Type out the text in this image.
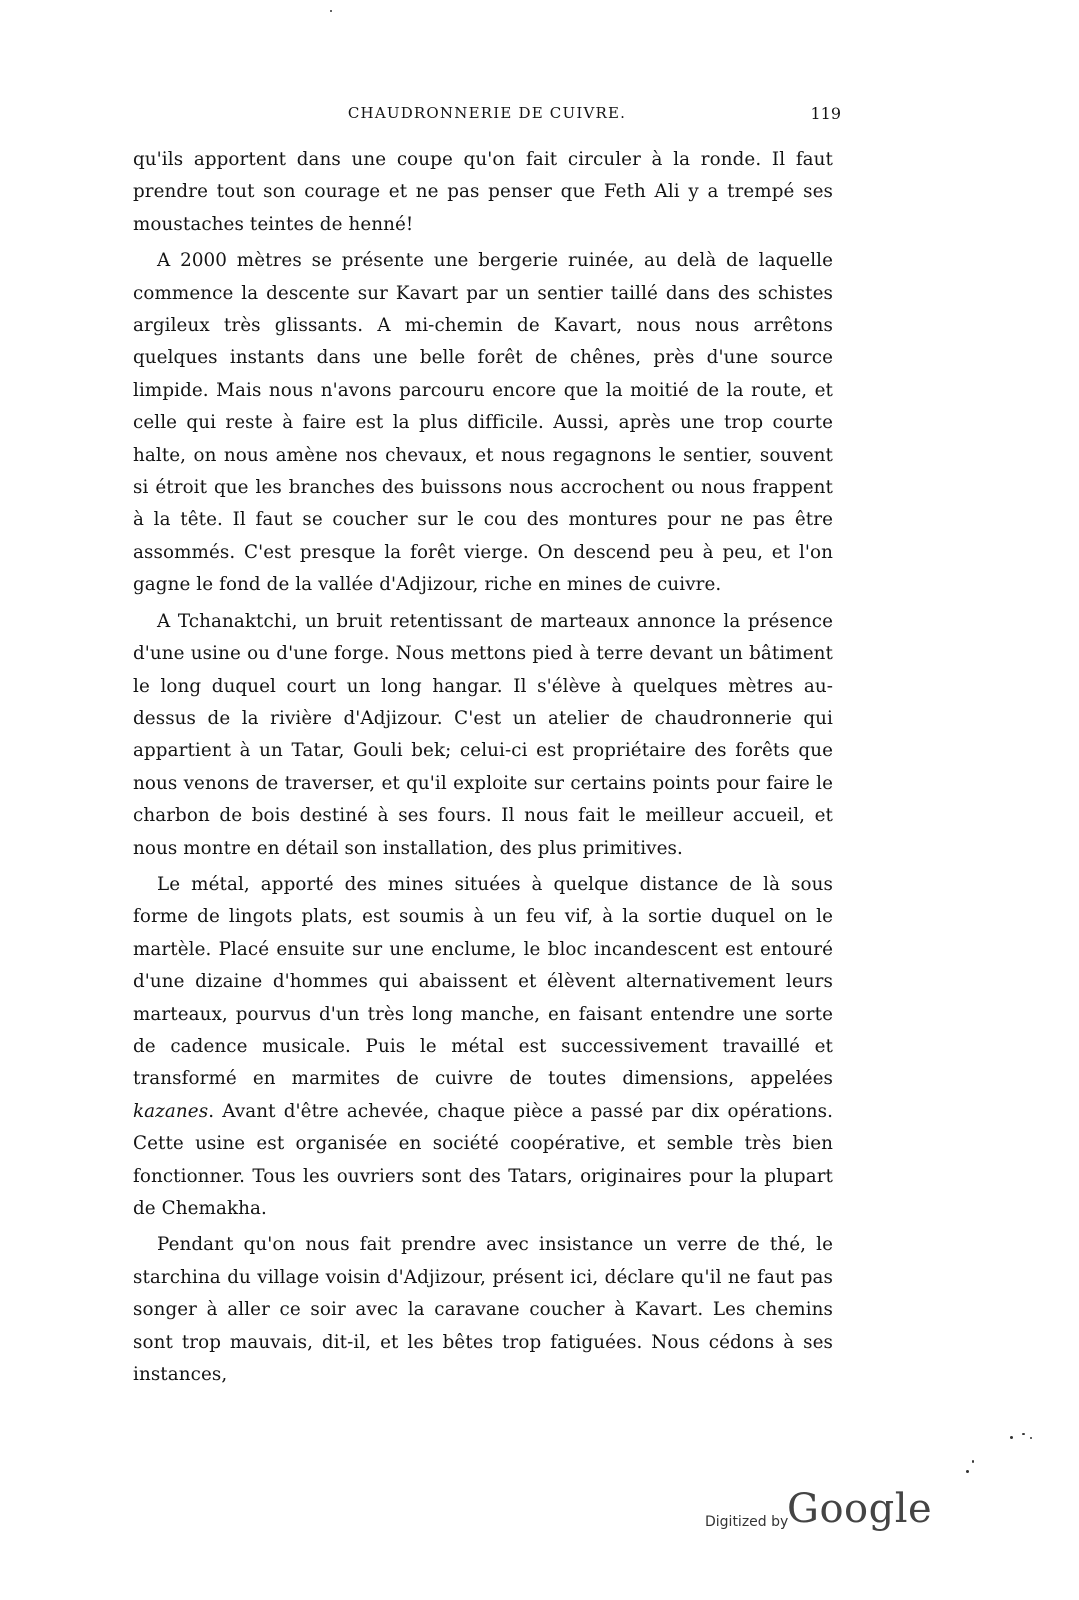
CHAUDRONNERIE DE CUIVRE.	119

qu'ils apportent dans une coupe qu'on fait circuler à la ronde. Il faut prendre tout son courage et ne pas penser que Feth Ali y a trempé ses moustaches teintes de henné!

A 2000 mètres se présente une bergerie ruinée, au delà de laquelle commence la descente sur Kavart par un sentier taillé dans des schistes argileux très glissants. A mi-chemin de Kavart, nous nous arrêtons quelques instants dans une belle forêt de chênes, près d'une source limpide. Mais nous n'avons parcouru encore que la moitié de la route, et celle qui reste à faire est la plus difficile. Aussi, après une trop courte halte, on nous amène nos chevaux, et nous regagnons le sentier, souvent si étroit que les branches des buissons nous accrochent ou nous frappent à la tête. Il faut se coucher sur le cou des montures pour ne pas être assommés. C'est presque la forêt vierge. On descend peu à peu, et l'on gagne le fond de la vallée d'Adjizour, riche en mines de cuivre.

A Tchanaktchi, un bruit retentissant de marteaux annonce la présence d'une usine ou d'une forge. Nous mettons pied à terre devant un bâtiment le long duquel court un long hangar. Il s'élève à quelques mètres au-dessus de la rivière d'Adjizour. C'est un atelier de chaudronnerie qui appartient à un Tatar, Gouli bek; celui-ci est propriétaire des forêts que nous venons de traverser, et qu'il exploite sur certains points pour faire le charbon de bois destiné à ses fours. Il nous fait le meilleur accueil, et nous montre en détail son installation, des plus primitives.

Le métal, apporté des mines situées à quelque distance de là sous forme de lingots plats, est soumis à un feu vif, à la sortie duquel on le martèle. Placé ensuite sur une enclume, le bloc incandescent est entouré d'une dizaine d'hommes qui abaissent et élèvent alternativement leurs marteaux, pourvus d'un très long manche, en faisant entendre une sorte de cadence musicale. Puis le métal est successivement travaillé et transformé en marmites de cuivre de toutes dimensions, appelées kazanes. Avant d'être achevée, chaque pièce a passé par dix opérations. Cette usine est organisée en société coopérative, et semble très bien fonctionner. Tous les ouvriers sont des Tatars, originaires pour la plupart de Chemakha.

Pendant qu'on nous fait prendre avec insistance un verre de thé, le starchina du village voisin d'Adjizour, présent ici, déclare qu'il ne faut pas songer à aller ce soir avec la caravane coucher à Kavart. Les chemins sont trop mauvais, dit-il, et les bêtes trop fatiguées. Nous cédons à ses instances,

Digitized by
Google
